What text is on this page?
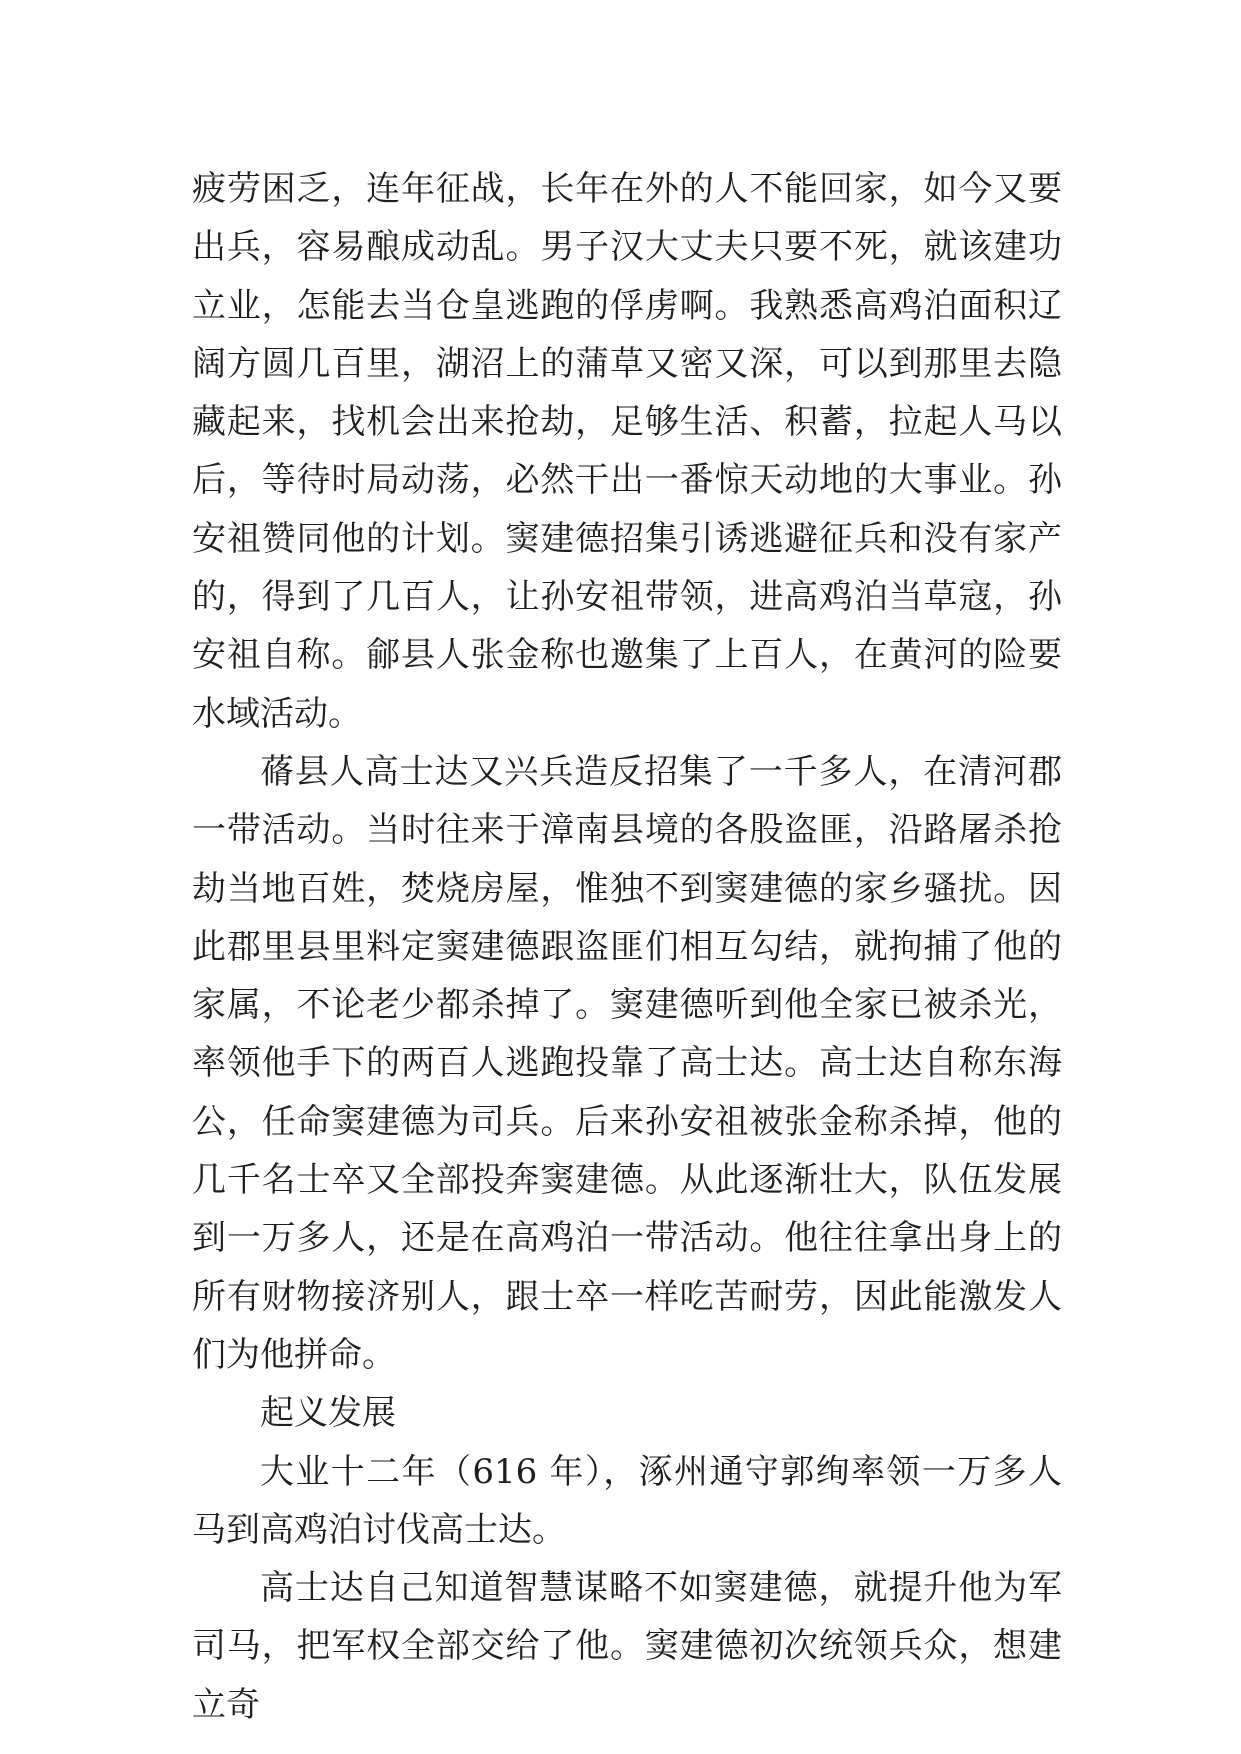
疲劳困乏，连年征战，长年在外的人不能回家，如今又要出兵，容易酿成动乱。男子汉大丈夫只要不死，就该建功立业，怎能去当仓皇逃跑的俘虏啊。我熟悉高鸡泊面积辽阔方圆几百里，湖沼上的蒲草又密又深，可以到那里去隐藏起来，找机会出来抢劫，足够生活、积蓄，拉起人马以后，等待时局动荡，必然干出一番惊天动地的大事业。孙安祖赞同他的计划。窦建德招集引诱逃避征兵和没有家产的，得到了几百人，让孙安祖带领，进高鸡泊当草寇，孙安祖自称。鄃县人张金称也邀集了上百人，在黄河的险要水域活动。

蓨县人高士达又兴兵造反招集了一千多人，在清河郡一带活动。当时往来于漳南县境的各股盗匪，沿路屠杀抢劫当地百姓，焚烧房屋，惟独不到窦建德的家乡骚扰。因此郡里县里料定窦建德跟盗匪们相互勾结，就拘捕了他的家属，不论老少都杀掉了。窦建德听到他全家已被杀光，率领他手下的两百人逃跑投靠了高士达。高士达自称东海公，任命窦建德为司兵。后来孙安祖被张金称杀掉，他的几千名士卒又全部投奔窦建德。从此逐渐壮大，队伍发展到一万多人，还是在高鸡泊一带活动。他往往拿出身上的所有财物接济别人，跟士卒一样吃苦耐劳，因此能激发人们为他拼命。

起义发展

大业十二年（616 年），涿州通守郭绚率领一万多人马到高鸡泊讨伐高士达。

高士达自己知道智慧谋略不如窦建德，就提升他为军司马，把军权全部交给了他。窦建德初次统领兵众，想建立奇
